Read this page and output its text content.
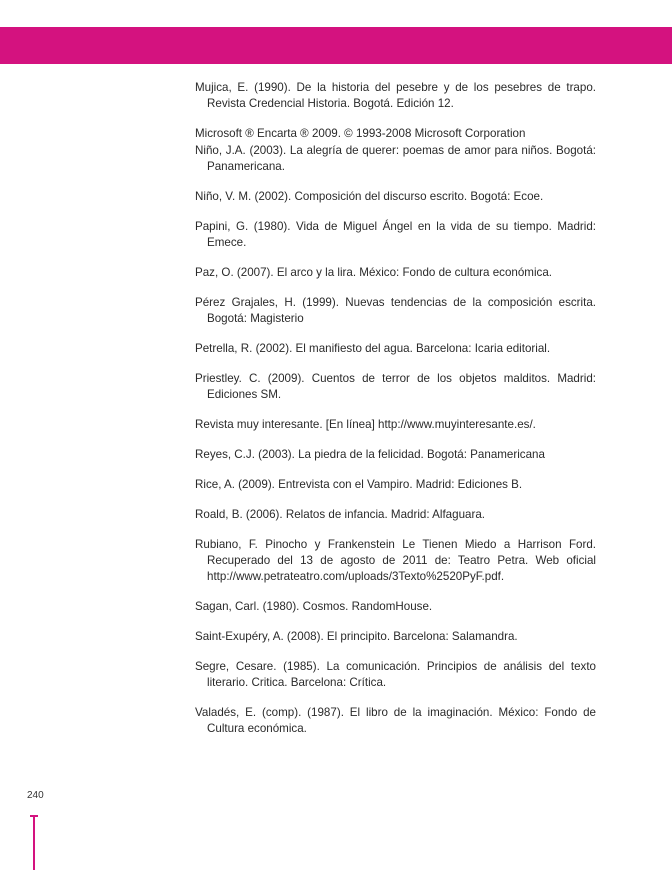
Mujica, E. (1990). De la historia del pesebre y de los pesebres de trapo. Revista Credencial Historia. Bogotá. Edición 12.
Microsoft ® Encarta ® 2009. © 1993-2008 Microsoft Corporation
Niño, J.A. (2003). La alegría de querer: poemas de amor para niños. Bogotá: Panamericana.
Niño, V. M. (2002). Composición del discurso escrito. Bogotá: Ecoe.
Papini, G. (1980). Vida de Miguel Ángel en la vida de su tiempo. Madrid: Emece.
Paz, O. (2007). El arco y la lira. México: Fondo de cultura económica.
Pérez Grajales, H. (1999). Nuevas tendencias de la composición escrita. Bogotá: Magisterio
Petrella, R. (2002). El manifiesto del agua. Barcelona: Icaria editorial.
Priestley. C. (2009). Cuentos de terror de los objetos malditos. Madrid: Ediciones SM.
Revista muy interesante. [En línea] http://www.muyinteresante.es/.
Reyes, C.J. (2003). La piedra de la felicidad. Bogotá: Panamericana
Rice, A. (2009). Entrevista con el Vampiro. Madrid: Ediciones B.
Roald, B. (2006). Relatos de infancia. Madrid: Alfaguara.
Rubiano, F. Pinocho y Frankenstein Le Tienen Miedo a Harrison Ford. Recuperado del 13 de agosto de 2011 de: Teatro Petra. Web oficial http://www.petrateatro.com/uploads/3Texto%2520PyF.pdf.
Sagan, Carl. (1980). Cosmos. RandomHouse.
Saint-Exupéry, A. (2008). El principito. Barcelona: Salamandra.
Segre, Cesare. (1985). La comunicación. Principios de análisis del texto literario. Critica. Barcelona: Crítica.
Valadés, E. (comp). (1987). El libro de la imaginación. México: Fondo de Cultura económica.
240
